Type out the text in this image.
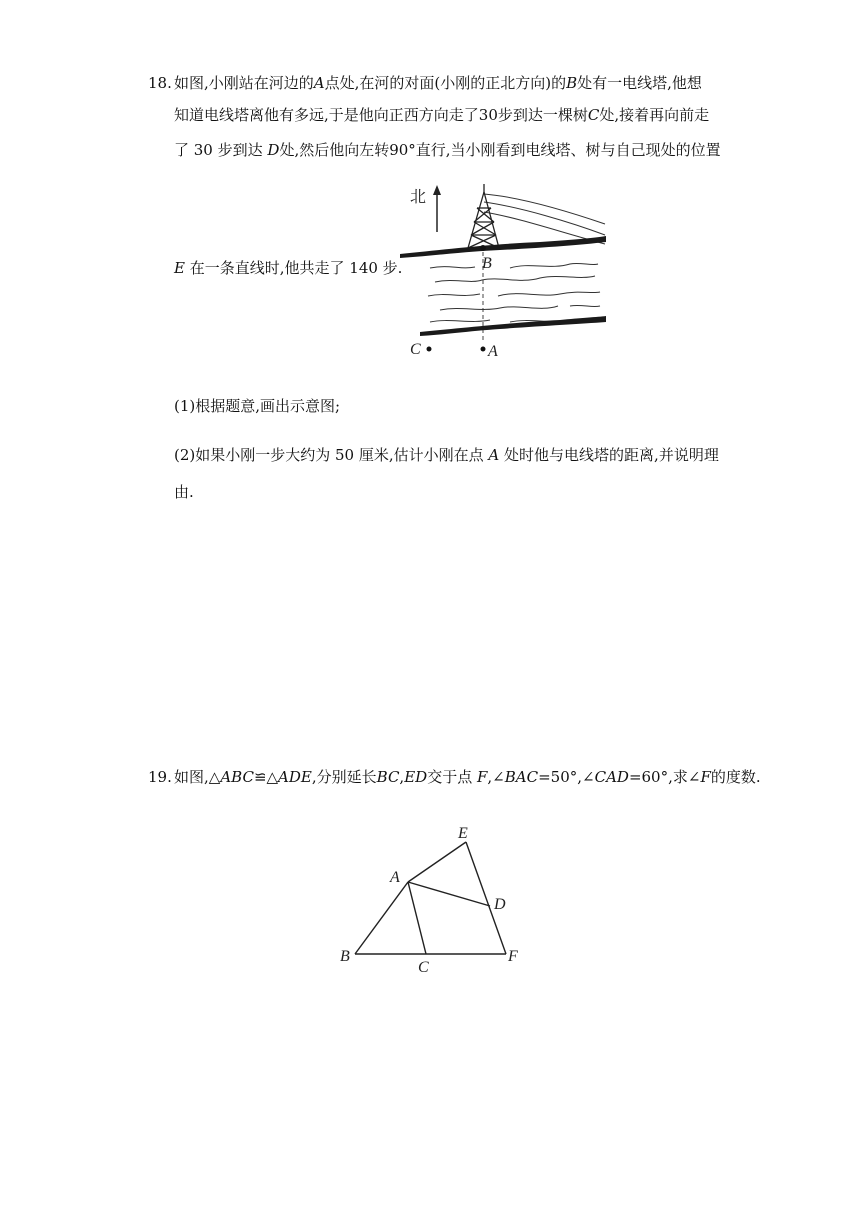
18. 如图,小刚站在河边的A点处,在河的对面(小刚的正北方向)的B处有一电线塔,他想
知道电线塔离他有多远,于是他向正西方向走了30步到达一棵树C处,接着再向前走
了 30 步到达 D处,然后他向左转90°直行,当小刚看到电线塔、树与自己现处的位置
E 在一条直线时,他共走了 140 步.
北
B
C	A
(1)根据题意,画出示意图;
(2)如果小刚一步大约为 50 厘米,估计小刚在点 A 处时他与电线塔的距离,并说明理
由.
19. 如图,△ABC≌△ADE,分别延长BC,ED交于点 F,∠BAC=50°,∠CAD=60°,求∠F的度数.
A
B
C
D
E
F
